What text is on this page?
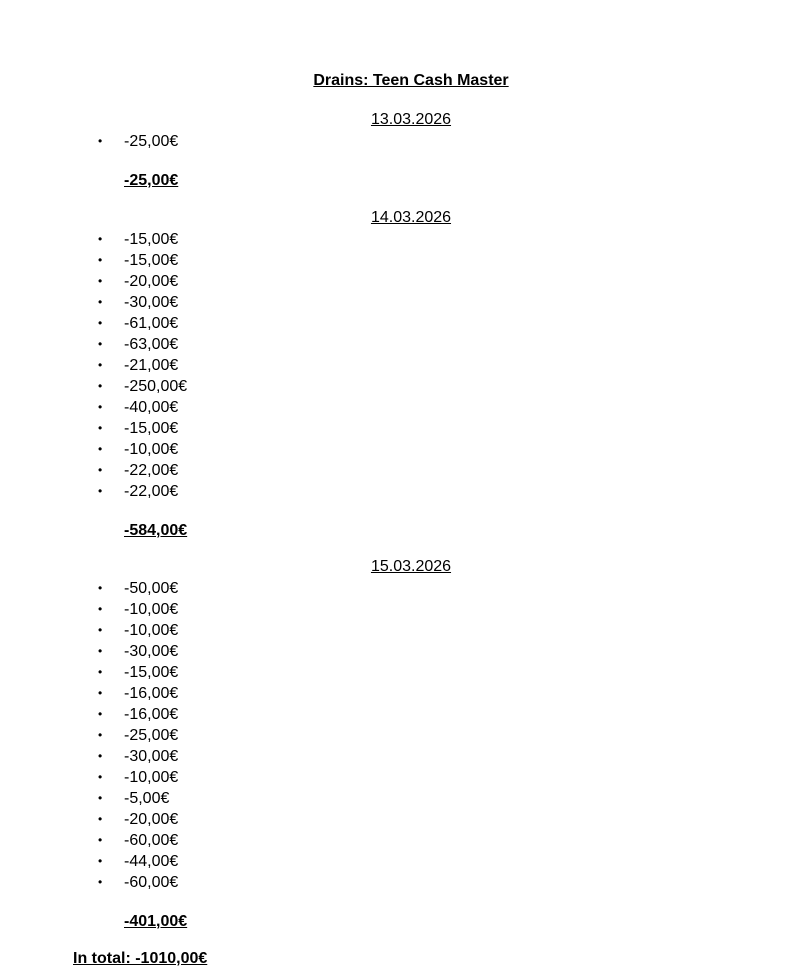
Drains: Teen Cash Master
13.03.2026
• -25,00€
-25,00€
14.03.2026
• -15,00€
• -15,00€
• -20,00€
• -30,00€
• -61,00€
• -63,00€
• -21,00€
• -250,00€
• -40,00€
• -15,00€
• -10,00€
• -22,00€
• -22,00€
-584,00€
15.03.2026
• -50,00€
• -10,00€
• -10,00€
• -30,00€
• -15,00€
• -16,00€
• -16,00€
• -25,00€
• -30,00€
• -10,00€
• -5,00€
• -20,00€
• -60,00€
• -44,00€
• -60,00€
-401,00€
In total: -1010,00€
